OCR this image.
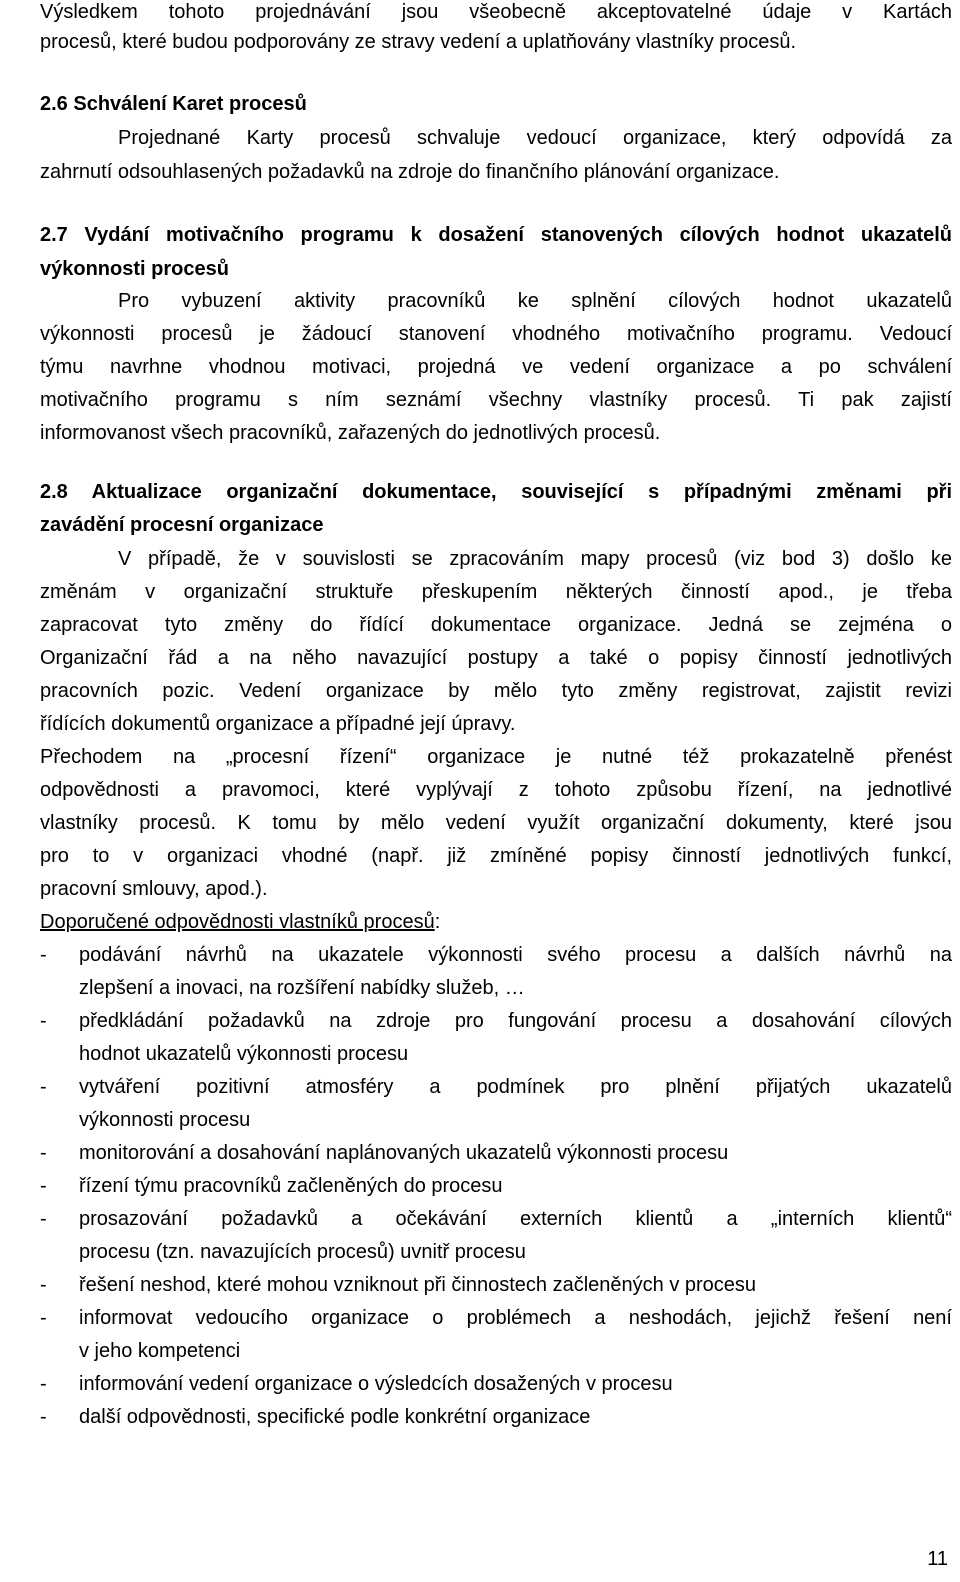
Výsledkem tohoto projednávání jsou všeobecně akceptovatelné údaje v Kartách
procesů, které budou podporovány ze stravy vedení a uplatňovány vlastníky procesů.
2.6 Schválení Karet procesů
Projednané Karty procesů schvaluje vedoucí organizace, který odpovídá za
zahrnutí odsouhlasených požadavků na zdroje do finančního plánování organizace.
2.7 Vydání motivačního programu k dosažení stanovených cílových hodnot ukazatelů
výkonnosti procesů
Pro vybuzení aktivity pracovníků ke splnění cílových hodnot ukazatelů
výkonnosti procesů je žádoucí stanovení vhodného motivačního programu. Vedoucí
týmu navrhne vhodnou motivaci, projedná ve vedení organizace a po schválení
motivačního programu s ním seznámí všechny vlastníky procesů. Ti pak zajistí
informovanost všech pracovníků, zařazených do jednotlivých procesů.
2.8 Aktualizace organizační dokumentace, související s případnými změnami při
zavádění procesní organizace
V případě, že v souvislosti se zpracováním mapy procesů (viz bod 3) došlo ke
změnám v organizační struktuře přeskupením některých činností apod., je třeba
zapracovat tyto změny do řídící dokumentace organizace. Jedná se zejména o
Organizační řád a na něho navazující postupy a také o popisy činností jednotlivých
pracovních pozic. Vedení organizace by mělo tyto změny registrovat, zajistit revizi
řídících dokumentů organizace a případné její úpravy.
Přechodem na „procesní řízení“ organizace je nutné též prokazatelně přenést
odpovědnosti a pravomoci, které vyplývají z tohoto způsobu řízení, na jednotlivé
vlastníky procesů. K tomu by mělo vedení využít organizační dokumenty, které jsou
pro to v organizaci vhodné (např. již zmíněné popisy činností jednotlivých funkcí,
pracovní smlouvy, apod.).
Doporučené odpovědnosti vlastníků procesů:
-	podávání návrhů na ukazatele výkonnosti svého procesu a dalších návrhů na
zlepšení a inovaci, na rozšíření nabídky služeb, …
-	předkládání požadavků na zdroje pro fungování procesu a dosahování cílových
hodnot ukazatelů výkonnosti procesu
-	vytváření pozitivní atmosféry a podmínek pro plnění přijatých ukazatelů
výkonnosti procesu
-	monitorování a dosahování naplánovaných ukazatelů výkonnosti procesu
-	řízení týmu pracovníků začleněných do procesu
-	prosazování požadavků a očekávání externích klientů a „interních klientů“
procesu (tzn. navazujících procesů) uvnitř procesu
-	řešení neshod, které mohou vzniknout při činnostech začleněných v procesu
-	informovat vedoucího organizace o problémech a neshodách, jejichž řešení není
v jeho kompetenci
-	informování vedení organizace o výsledcích dosažených v procesu
-	další odpovědnosti, specifické podle konkrétní organizace
11
